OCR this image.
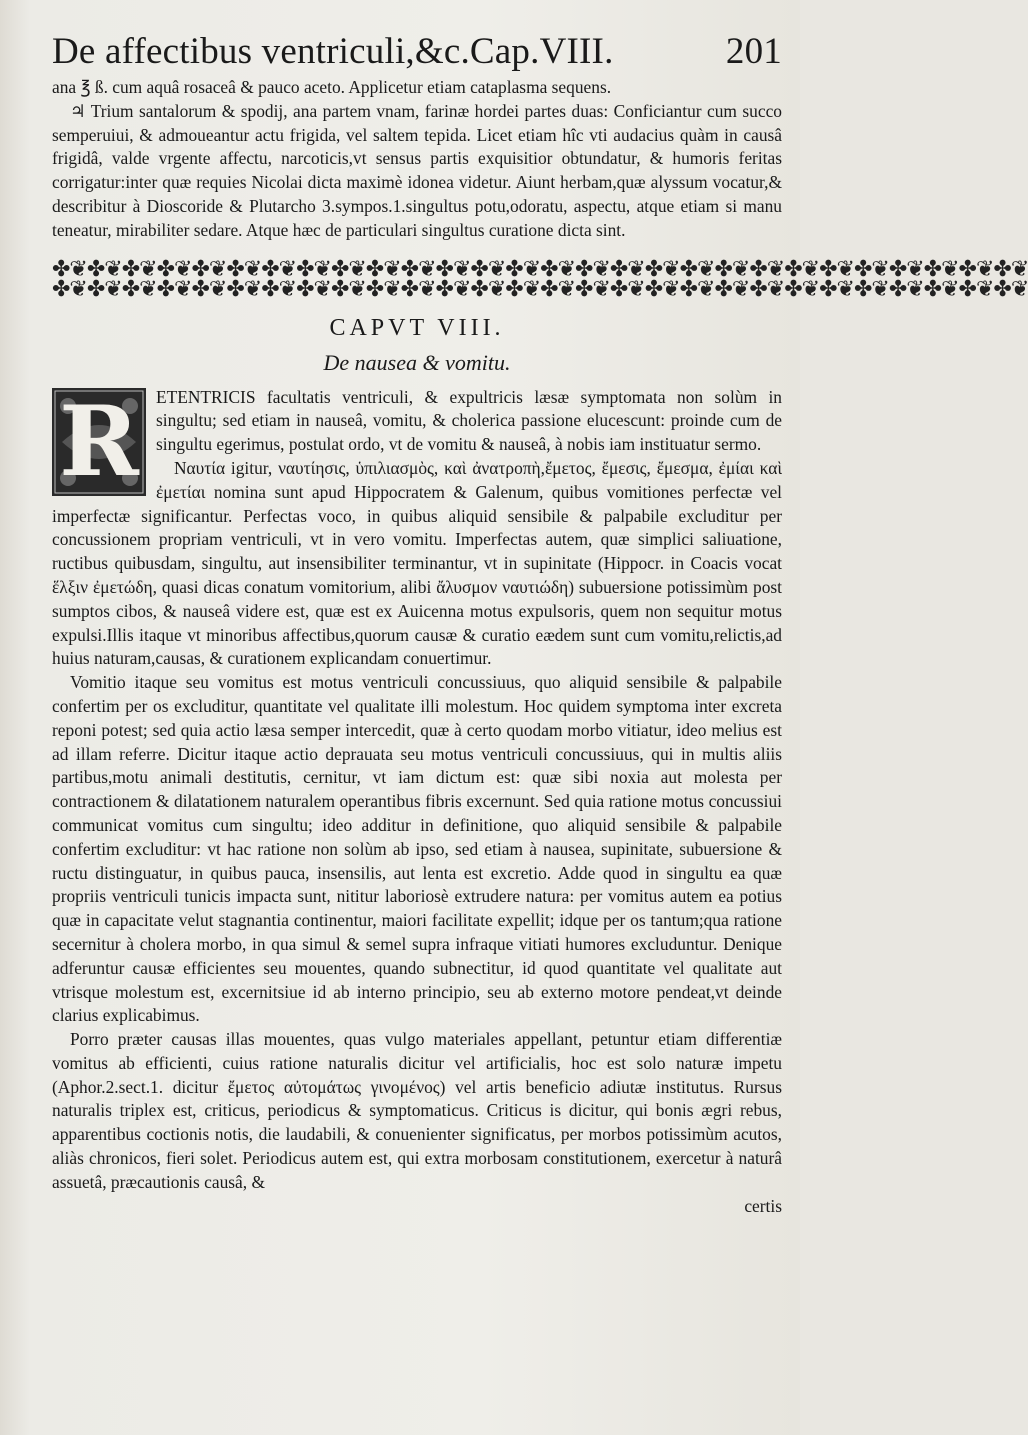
De affectibus ventriculi,&c.Cap.VIII.	201

ana ℥ ß. cum aquâ rosaceâ & pauco aceto. Applicetur etiam cataplasma sequens.

♃ Trium santalorum & spodij, ana partem vnam, farinæ hordei partes duas: Conficiantur cum succo semperuiui, & admoueantur actu frigida, vel saltem tepida. Licet etiam hîc vti audacius quàm in causâ frigidâ, valde vrgente affectu, narcoticis,vt sensus partis exquisitior obtundatur, & humoris feritas corrigatur:inter quæ requies Nicolai dicta maximè idonea videtur. Aiunt herbam,quæ alyssum vocatur,& describitur à Dioscoride & Plutarcho 3.sympos.1.singultus potu,odoratu, aspectu, atque etiam si manu teneatur, mirabiliter sedare. Atque hæc de particulari singultus curatione dicta sint.

✤❦✤❦✤❦✤❦✤❦✤❦✤❦✤❦✤❦✤❦✤❦✤❦✤❦✤❦✤❦✤❦✤❦✤❦✤❦✤❦✤❦✤❦✤❦✤❦✤❦✤❦✤❦✤❦
✤❦✤❦✤❦✤❦✤❦✤❦✤❦✤❦✤❦✤❦✤❦✤❦✤❦✤❦✤❦✤❦✤❦✤❦✤❦✤❦✤❦✤❦✤❦✤❦✤❦✤❦✤❦✤❦
CAPVT VIII.
De nausea & vomitu.
R ETENTRICIS facultatis ventriculi, & expultricis læsæ symptomata non solùm in singultu; sed etiam in nauseâ, vomitu, & cholerica passione elucescunt: proinde cum de singultu egerimus, postulat ordo, vt de vomitu & nauseâ, à nobis iam instituatur sermo.

Ναυτία igitur, ναυτίησις, ὑπιλιασμὸς, καὶ ἀνατροπὴ,ἔμετος, ἔμεσις, ἔμεσμα, ἐμίαι καὶ ἐμετίαι nomina sunt apud Hippocratem & Galenum, quibus vomitiones perfectæ vel imperfectæ significantur. Perfectas voco, in quibus aliquid sensibile & palpabile excluditur per concussionem propriam ventriculi, vt in vero vomitu. Imperfectas autem, quæ simplici saliuatione, ructibus quibusdam, singultu, aut insensibiliter terminantur, vt in supinitate (Hippocr. in Coacis vocat ἕλξιν ἐμετώδη, quasi dicas conatum vomitorium, alibi ἄλυσμον ναυτιώδη) subuersione potissimùm post sumptos cibos, & nauseâ videre est, quæ est ex Auicenna motus expulsoris, quem non sequitur motus expulsi.Illis itaque vt minoribus affectibus,quorum causæ & curatio eædem sunt cum vomitu,relictis,ad huius naturam,causas, & curationem explicandam conuertimur.

Vomitio itaque seu vomitus est motus ventriculi concussiuus, quo aliquid sensibile & palpabile confertim per os excluditur, quantitate vel qualitate illi molestum. Hoc quidem symptoma inter excreta reponi potest; sed quia actio læsa semper intercedit, quæ à certo quodam morbo vitiatur, ideo melius est ad illam referre. Dicitur itaque actio deprauata seu motus ventriculi concussiuus, qui in multis aliis partibus,motu animali destitutis, cernitur, vt iam dictum est: quæ sibi noxia aut molesta per contractionem & dilatationem naturalem operantibus fibris excernunt. Sed quia ratione motus concussiui communicat vomitus cum singultu; ideo additur in definitione, quo aliquid sensibile & palpabile confertim excluditur: vt hac ratione non solùm ab ipso, sed etiam à nausea, supinitate, subuersione & ructu distinguatur, in quibus pauca, insensilis, aut lenta est excretio. Adde quod in singultu ea quæ propriis ventriculi tunicis impacta sunt, nititur laboriosè extrudere natura: per vomitus autem ea potius quæ in capacitate velut stagnantia continentur, maiori facilitate expellit; idque per os tantum;qua ratione secernitur à cholera morbo, in qua simul & semel supra infraque vitiati humores excluduntur. Denique adferuntur causæ efficientes seu mouentes, quando subnectitur, id quod quantitate vel qualitate aut vtrisque molestum est, excernitsiue id ab interno principio, seu ab externo motore pendeat,vt deinde clarius explicabimus.

Porro præter causas illas mouentes, quas vulgo materiales appellant, petuntur etiam differentiæ vomitus ab efficienti, cuius ratione naturalis dicitur vel artificialis, hoc est solo naturæ impetu (Aphor.2.sect.1. dicitur ἔμετος αὐτομάτως γινομένος) vel artis beneficio adiutæ institutus. Rursus naturalis triplex est, criticus, periodicus & symptomaticus. Criticus is dicitur, qui bonis ægri rebus, apparentibus coctionis notis, die laudabili, & conuenienter significatus, per morbos potissimùm acutos, aliàs chronicos, fieri solet. Periodicus autem est, qui extra morbosam constitutionem, exercetur à naturâ assuetâ, præcautionis causâ, &

certis
